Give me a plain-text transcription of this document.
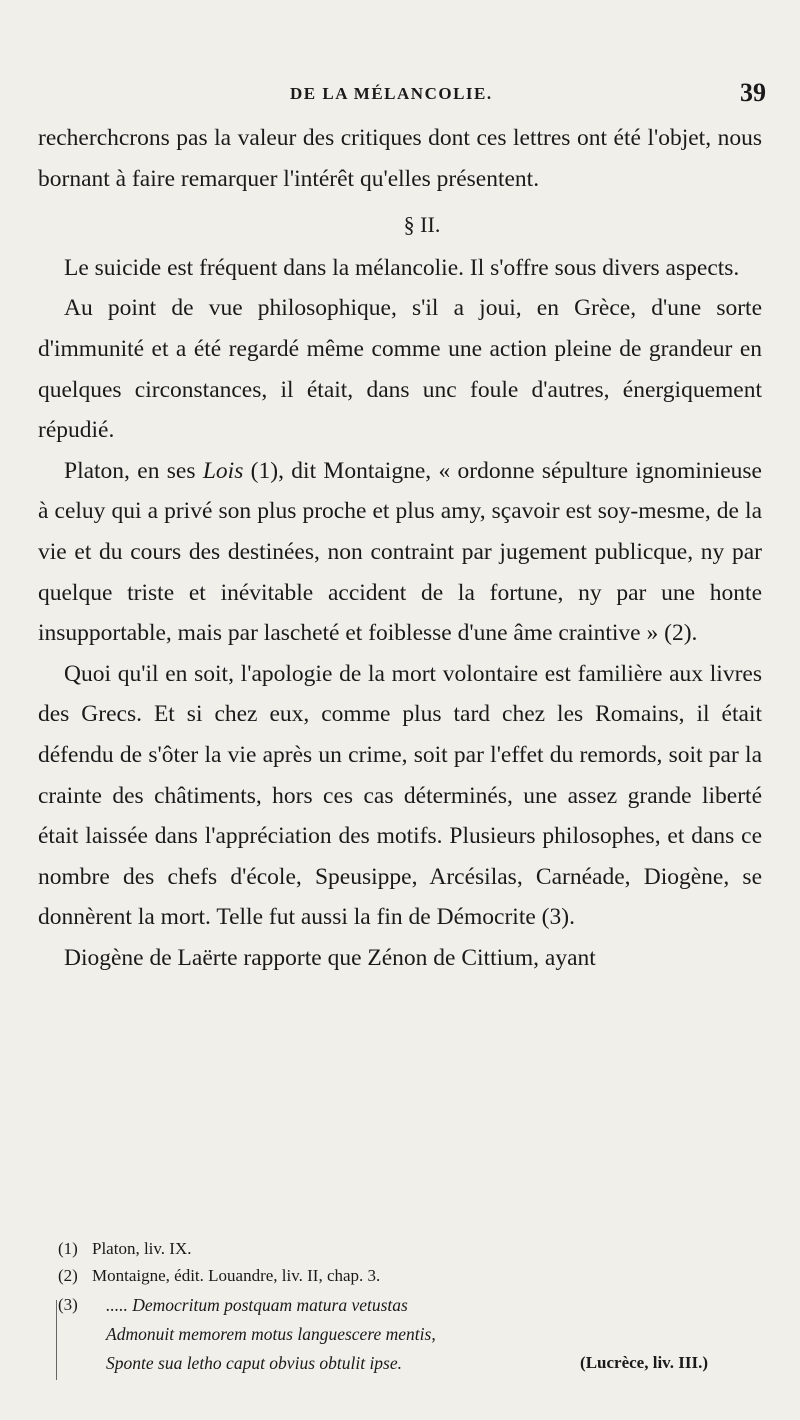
DE LA MÉLANCOLIE.	39

recherchcrons pas la valeur des critiques dont ces lettres ont été l'objet, nous bornant à faire remarquer l'intérêt qu'elles présentent.

§ II.

Le suicide est fréquent dans la mélancolie. Il s'offre sous divers aspects.

Au point de vue philosophique, s'il a joui, en Grèce, d'une sorte d'immunité et a été regardé même comme une action pleine de grandeur en quelques circonstances, il était, dans unc foule d'autres, énergiquement répudié.

Platon, en ses Lois (1), dit Montaigne, « ordonne sépulture ignominieuse à celuy qui a privé son plus proche et plus amy, sçavoir est soy-mesme, de la vie et du cours des destinées, non contraint par jugement publicque, ny par quelque triste et inévitable accident de la fortune, ny par une honte insupportable, mais par lascheté et foiblesse d'une âme craintive » (2).

Quoi qu'il en soit, l'apologie de la mort volontaire est familière aux livres des Grecs. Et si chez eux, comme plus tard chez les Romains, il était défendu de s'ôter la vie après un crime, soit par l'effet du remords, soit par la crainte des châtiments, hors ces cas déterminés, une assez grande liberté était laissée dans l'appréciation des motifs. Plusieurs philosophes, et dans ce nombre des chefs d'école, Speusippe, Arcésilas, Carnéade, Diogène, se donnèrent la mort. Telle fut aussi la fin de Démocrite (3).

Diogène de Laërte rapporte que Zénon de Cittium, ayant

(1) Platon, liv. IX.
(2) Montaigne, édit. Louandre, liv. II, chap. 3.
(3)	..... Democritum postquam matura vetustas
Admonuit memorem motus languescere mentis,
Sponte sua letho caput obvius obtulit ipse.	(Lucrèce, liv. III.)
